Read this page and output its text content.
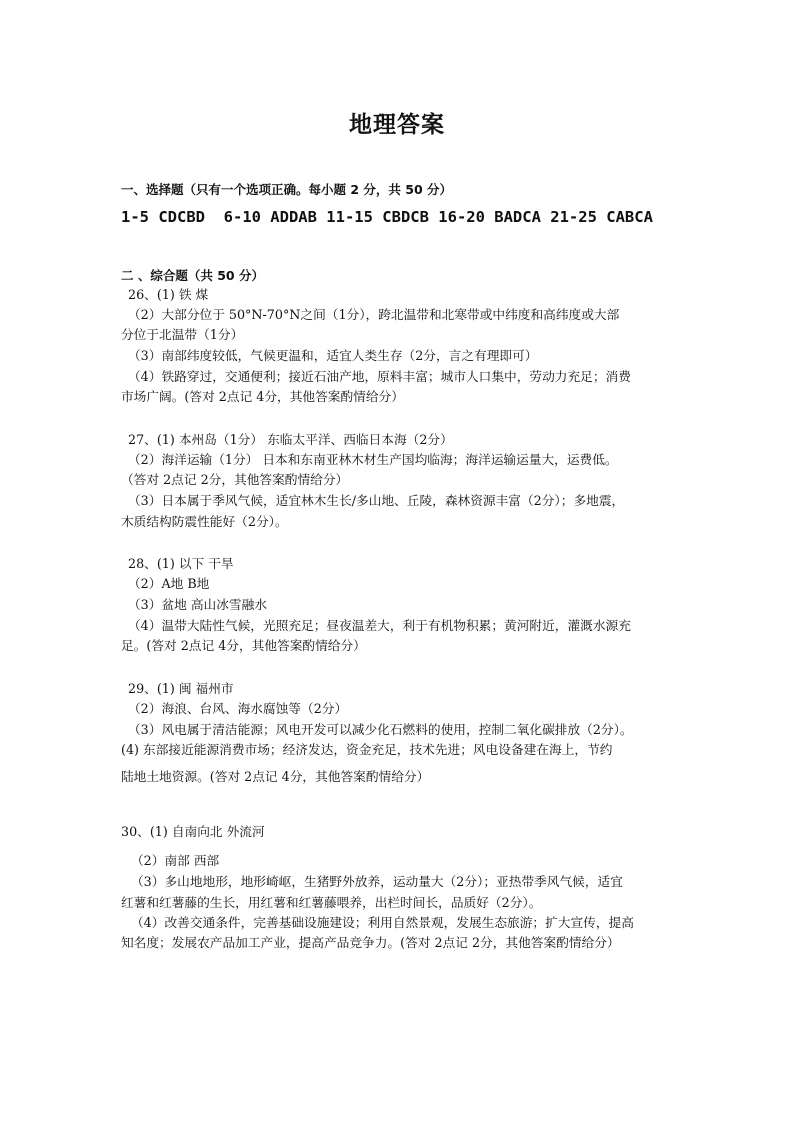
地理答案
一、选择题（只有一个选项正确。每小题 2 分，共 50 分）
1-5 CDCBD  6-10 ADDAB 11-15 CBDCB 16-20 BADCA 21-25 CABCA
二 、综合题（共 50 分）
26、(1) 铁 煤
（2）大部分位于 50°N-70°N之间（1分），跨北温带和北寒带或中纬度和高纬度或大部
分位于北温带（1分）
（3）南部纬度较低，气候更温和，适宜人类生存（2分，言之有理即可）
（4）铁路穿过，交通便利；接近石油产地，原料丰富；城市人口集中，劳动力充足；消费
市场广阔。(答对 2点记 4分，其他答案酌情给分）
27、(1) 本州岛（1分） 东临太平洋、西临日本海（2分）
（2）海洋运输（1分） 日本和东南亚林木材生产国均临海；海洋运输运量大，运费低。
（答对 2点记 2分，其他答案酌情给分）
（3）日本属于季风气候，适宜林木生长/多山地、丘陵，森林资源丰富（2分）；多地震，
木质结构防震性能好（2分）。
28、(1) 以下 干旱
（2）A地 B地
（3）盆地 高山冰雪融水
（4）温带大陆性气候，光照充足；昼夜温差大，利于有机物积累；黄河附近，灌溉水源充
足。(答对 2点记 4分，其他答案酌情给分）
29、(1) 闽 福州市
（2）海浪、台风、海水腐蚀等（2分）
（3）风电属于清洁能源；风电开发可以减少化石燃料的使用，控制二氧化碳排放（2分）。
(4) 东部接近能源消费市场；经济发达，资金充足，技术先进；风电设备建在海上，节约
陆地土地资源。(答对 2点记 4分，其他答案酌情给分）
30、(1) 自南向北 外流河
（2）南部 西部
（3）多山地地形，地形崎岖，生猪野外放养，运动量大（2分）；亚热带季风气候，适宜
红薯和红薯藤的生长，用红薯和红薯藤喂养，出栏时间长，品质好（2分）。
（4）改善交通条件，完善基础设施建设；利用自然景观，发展生态旅游；扩大宣传，提高
知名度；发展农产品加工产业，提高产品竞争力。(答对 2点记 2分，其他答案酌情给分）
